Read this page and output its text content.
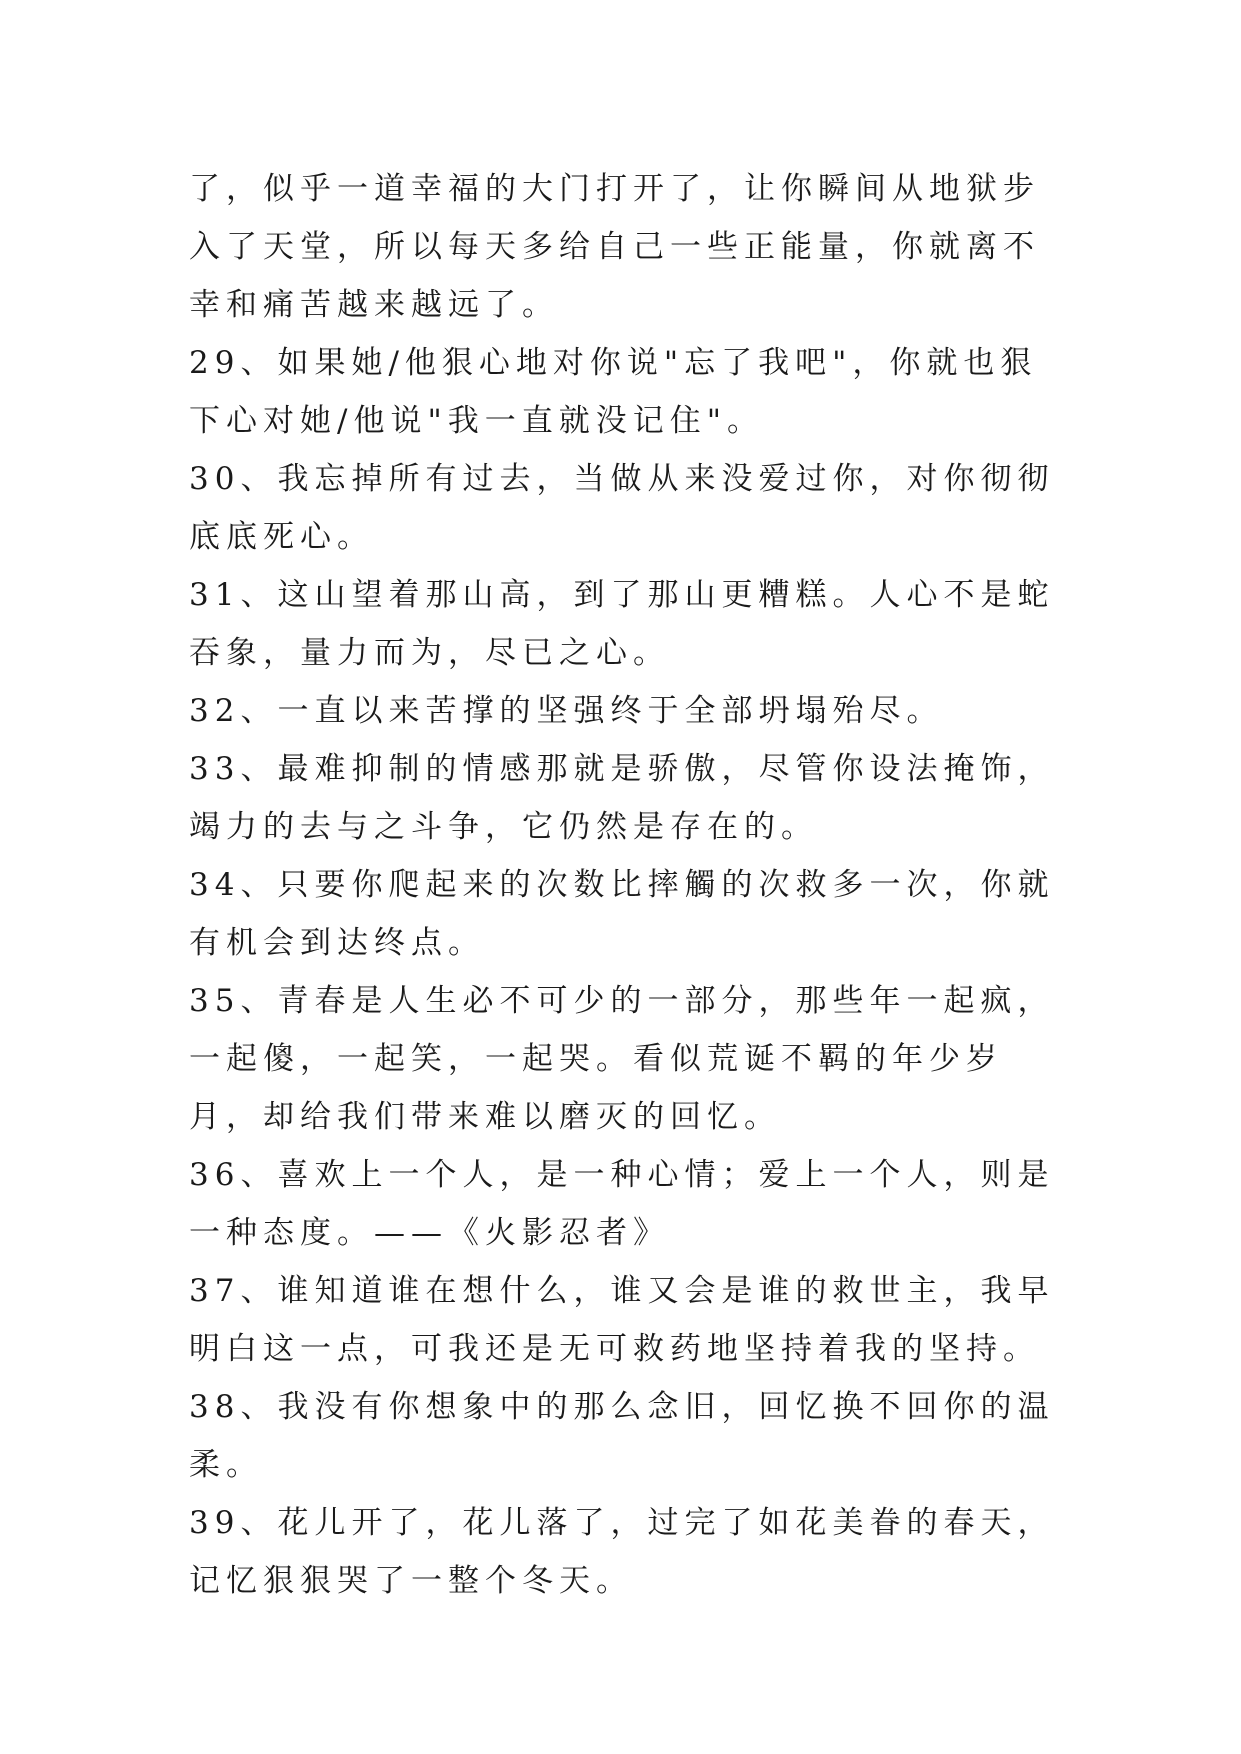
了，似乎一道幸福的大门打开了，让你瞬间从地狱步入了天堂，所以每天多给自己一些正能量，你就离不幸和痛苦越来越远了。

29、如果她/他狠心地对你说"忘了我吧"，你就也狠下心对她/他说"我一直就没记住"。

30、我忘掉所有过去，当做从来没爱过你，对你彻彻底底死心。

31、这山望着那山高，到了那山更糟糕。人心不是蛇吞象，量力而为，尽已之心。

32、一直以来苦撑的坚强终于全部坍塌殆尽。

33、最难抑制的情感那就是骄傲，尽管你设法掩饰，竭力的去与之斗争，它仍然是存在的。

34、只要你爬起来的次数比摔觸的次救多一次，你就有机会到达终点。

35、青春是人生必不可少的一部分，那些年一起疯，一起傻，一起笑，一起哭。看似荒诞不羁的年少岁月，却给我们带来难以磨灭的回忆。

36、喜欢上一个人，是一种心情；爱上一个人，则是一种态度。——《火影忍者》

37、谁知道谁在想什么，谁又会是谁的救世主，我早明白这一点，可我还是无可救药地坚持着我的坚持。

38、我没有你想象中的那么念旧，回忆换不回你的温柔。

39、花儿开了，花儿落了，过完了如花美眷的春天，记忆狠狠哭了一整个冬天。
